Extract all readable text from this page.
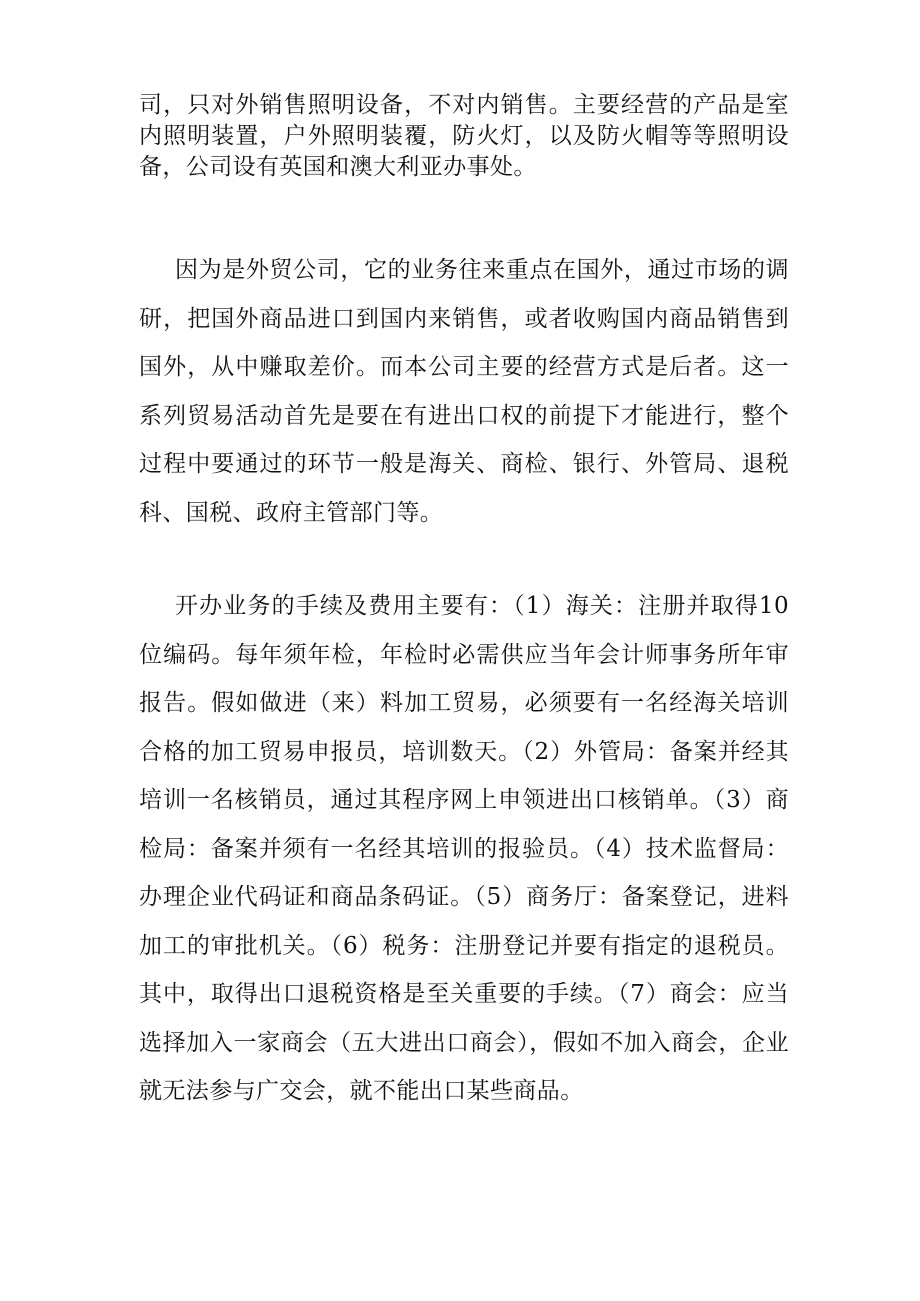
司，只对外销售照明设备，不对内销售。主要经营的产品是室内照明装置，户外照明装覆，防火灯，以及防火帽等等照明设备，公司设有英国和澳大利亚办事处。

因为是外贸公司，它的业务往来重点在国外，通过市场的调研，把国外商品进口到国内来销售，或者收购国内商品销售到国外，从中赚取差价。而本公司主要的经营方式是后者。这一系列贸易活动首先是要在有进出口权的前提下才能进行，整个过程中要通过的环节一般是海关、商检、银行、外管局、退税科、国税、政府主管部门等。

开办业务的手续及费用主要有：（1）海关：注册并取得10位编码。每年须年检，年检时必需供应当年会计师事务所年审报告。假如做进（来）料加工贸易，必须要有一名经海关培训合格的加工贸易申报员，培训数天。（2）外管局：备案并经其培训一名核销员，通过其程序网上申领进出口核销单。（3）商检局：备案并须有一名经其培训的报验员。（4）技术监督局：办理企业代码证和商品条码证。（5）商务厅：备案登记，进料加工的审批机关。（6）税务：注册登记并要有指定的退税员。其中，取得出口退税资格是至关重要的手续。（7）商会：应当选择加入一家商会（五大进出口商会），假如不加入商会，企业就无法参与广交会，就不能出口某些商品。
